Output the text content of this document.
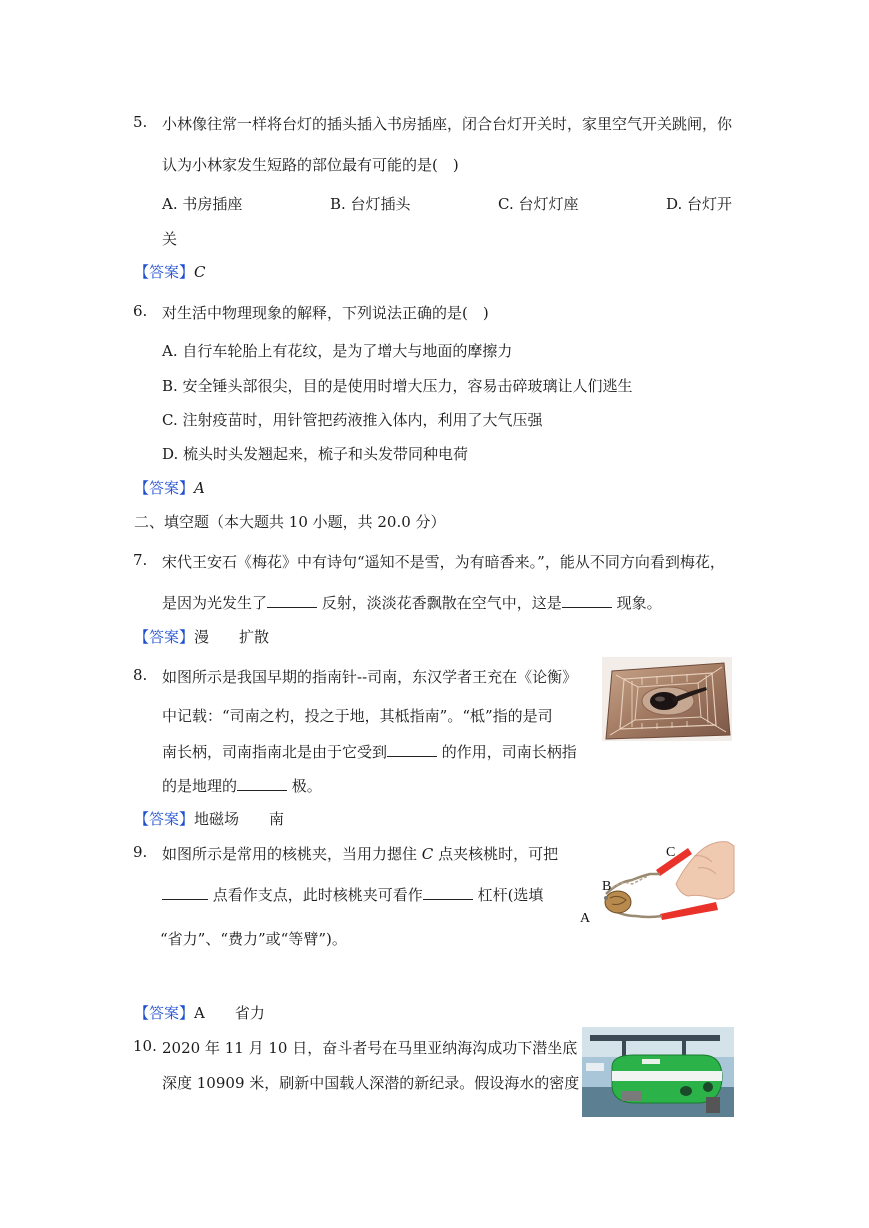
5. 小林像往常一样将台灯的插头插入书房插座，闭合台灯开关时，家里空气开关跳闸，你
认为小林家发生短路的部位最有可能的是(　)
A. 书房插座	B. 台灯插头	C. 台灯灯座	D. 台灯开
关
【答案】C
6. 对生活中物理现象的解释，下列说法正确的是(　)
A. 自行车轮胎上有花纹，是为了增大与地面的摩擦力
B. 安全锤头部很尖，目的是使用时增大压力，容易击碎玻璃让人们逃生
C. 注射疫苗时，用针管把药液推入体内，利用了大气压强
D. 梳头时头发翘起来，梳子和头发带同种电荷
【答案】A
二、填空题（本大题共 10 小题，共 20.0 分）
7. 宋代王安石《梅花》中有诗句“遥知不是雪，为有暗香来。”，能从不同方向看到梅花，
是因为光发生了	反射，淡淡花香飘散在空气中，这是	现象。
【答案】漫　　扩散
8. 如图所示是我国早期的指南针--司南，东汉学者王充在《论衡》
中记载：“司南之杓，投之于地，其柢指南”。“柢”指的是司
南长柄，司南指南北是由于它受到	的作用，司南长柄指
的是地理的	极。
【答案】地磁场　　南
9. 如图所示是常用的核桃夹，当用力摁住 C 点夹核桃时，可把
点看作支点，此时核桃夹可看作	杠杆(选填
“省力”、“费力”或“等臂”)。
A
B
C
【答案】A　　省力
10. 2020 年 11 月 10 日，奋斗者号在马里亚纳海沟成功下潜坐底
深度 10909 米，刷新中国载人深潜的新纪录。假设海水的密度
